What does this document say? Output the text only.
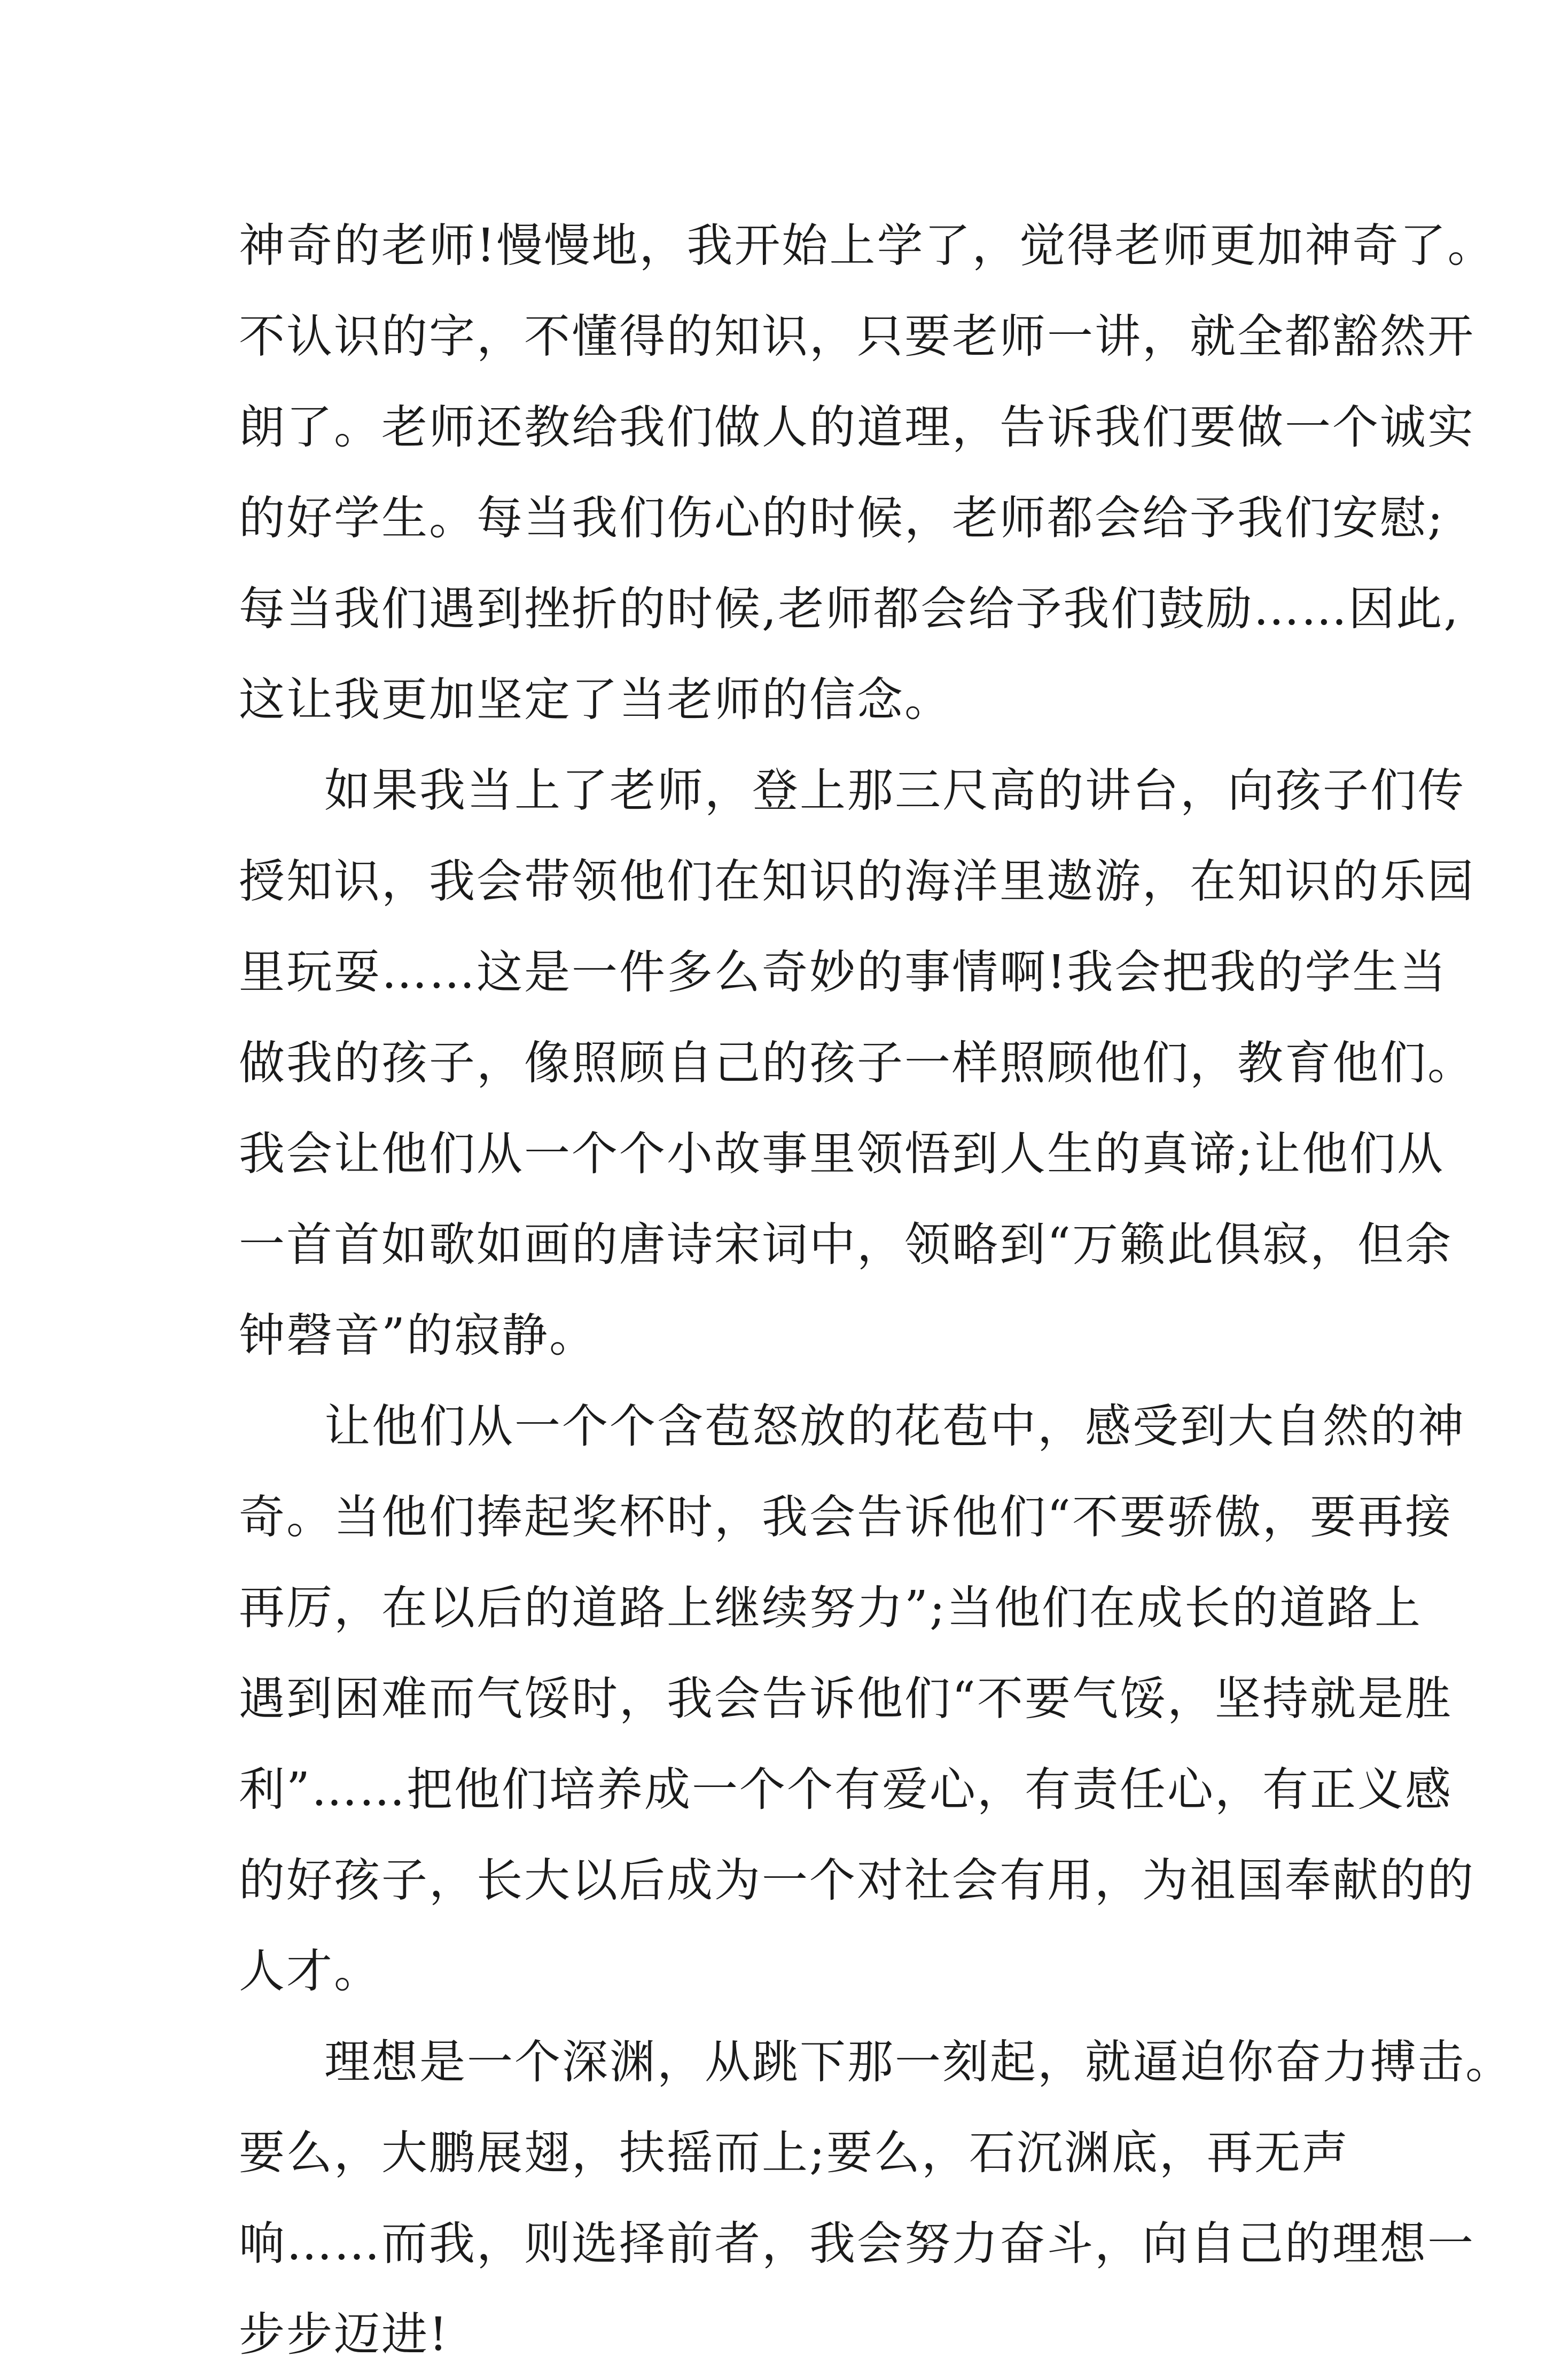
神奇的老师!慢慢地，我开始上学了，觉得老师更加神奇了。
不认识的字，不懂得的知识，只要老师一讲，就全都豁然开
朗了。老师还教给我们做人的道理，告诉我们要做一个诚实
的好学生。每当我们伤心的时候，老师都会给予我们安慰;
每当我们遇到挫折的时候,老师都会给予我们鼓励……因此,
这让我更加坚定了当老师的信念。
如果我当上了老师，登上那三尺高的讲台，向孩子们传
授知识，我会带领他们在知识的海洋里遨游，在知识的乐园
里玩耍……这是一件多么奇妙的事情啊!我会把我的学生当
做我的孩子，像照顾自己的孩子一样照顾他们，教育他们。
我会让他们从一个个小故事里领悟到人生的真谛;让他们从
一首首如歌如画的唐诗宋词中，领略到“万籁此俱寂，但余
钟磬音”的寂静。
让他们从一个个含苞怒放的花苞中，感受到大自然的神
奇。当他们捧起奖杯时，我会告诉他们“不要骄傲，要再接
再厉，在以后的道路上继续努力”;当他们在成长的道路上
遇到困难而气馁时，我会告诉他们“不要气馁，坚持就是胜
利”……把他们培养成一个个有爱心，有责任心，有正义感
的好孩子，长大以后成为一个对社会有用，为祖国奉献的的
人才。
理想是一个深渊，从跳下那一刻起，就逼迫你奋力搏击。
要么，大鹏展翅，扶摇而上;要么，石沉渊底，再无声
响……而我，则选择前者，我会努力奋斗，向自己的理想一
步步迈进!
